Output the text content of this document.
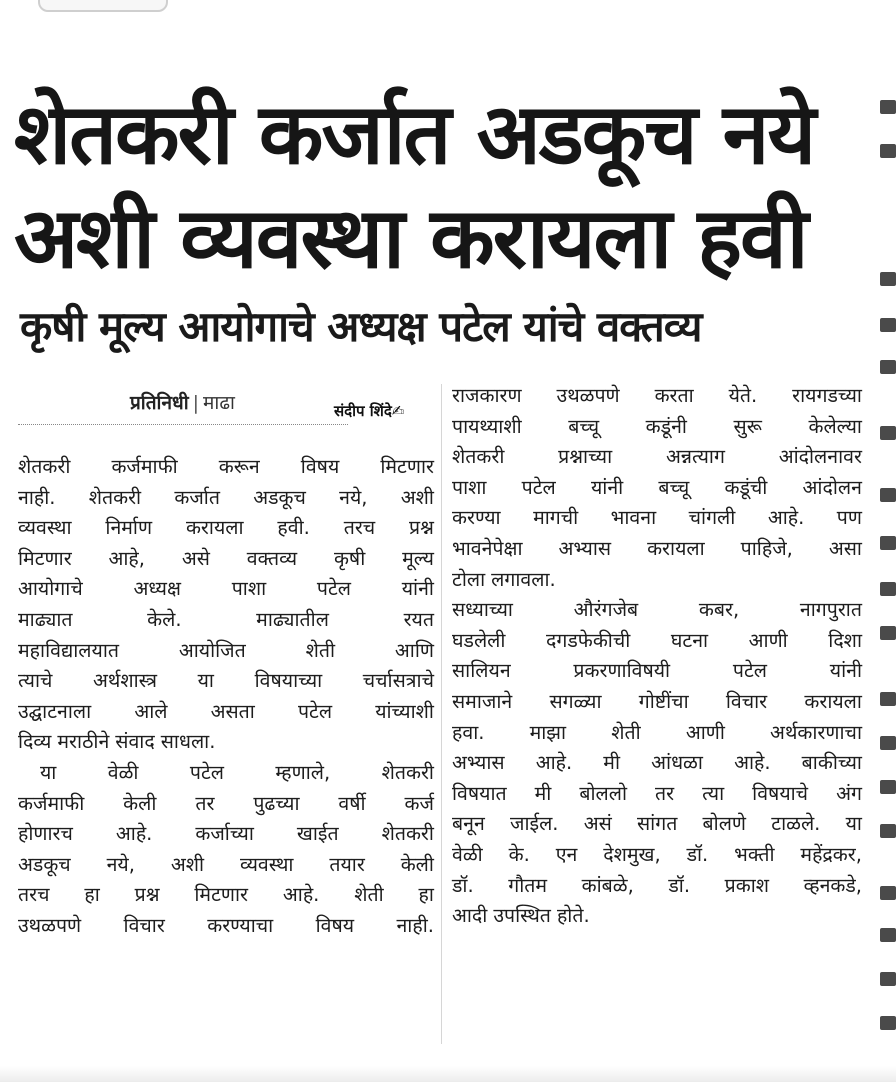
शेतकरी कर्जात अडकूच नये
अशी व्यवस्था करायला हवी
कृषी मूल्य आयोगाचे अध्यक्ष पटेल यांचे वक्तव्य
प्रतिनिधी | माढा	संदीप शिंदे✍
शेतकरी कर्जमाफी करून विषय मिटणार
नाही. शेतकरी कर्जात अडकूच नये, अशी
व्यवस्था निर्माण करायला हवी. तरच प्रश्न
मिटणार आहे, असे वक्तव्य कृषी मूल्य
आयोगाचे	अध्यक्ष	पाशा	पटेल	यांनी
माढ्यात	केले.	माढ्यातील	रयत
महाविद्यालयात	आयोजित	शेती	आणि
त्याचे अर्थशास्त्र या विषयाच्या चर्चासत्राचे
उद्घाटनाला आले असता पटेल यांच्याशी
दिव्य मराठीने संवाद साधला.
या	वेळी	पटेल	म्हणाले,	शेतकरी
कर्जमाफी केली तर पुढच्या वर्षी कर्ज
होणारच आहे. कर्जाच्या खाईत शेतकरी
अडकूच नये, अशी व्यवस्था तयार केली
तरच हा प्रश्न मिटणार आहे. शेती हा
उथळपणे विचार करण्याचा विषय नाही.
राजकारण उथळपणे करता येते. रायगडच्या
पायथ्याशी बच्चू कडूंनी सुरू केलेल्या
शेतकरी	प्रश्नाच्या	अन्नत्याग	आंदोलनावर
पाशा पटेल यांनी बच्चू कडूंची आंदोलन
करण्या मागची भावना चांगली आहे. पण
भावनेपेक्षा अभ्यास करायला पाहिजे, असा
टोला लगावला.
सध्याच्या	औरंगजेब	कबर,	नागपुरात
घडलेली दगडफेकीची घटना आणी दिशा
सालियन	प्रकरणाविषयी	पटेल	यांनी
समाजाने सगळ्या गोष्टींचा विचार करायला
हवा. माझा शेती आणी अर्थकारणाचा
अभ्यास आहे. मी आंधळा आहे. बाकीच्या
विषयात मी बोललो तर त्या विषयाचे अंग
बनून जाईल. असं सांगत बोलणे टाळले. या
वेळी के. एन देशमुख, डॉ. भक्ती महेंद्रकर,
डॉ. गौतम कांबळे, डॉ. प्रकाश व्हनकडे,
आदी उपस्थित होते.
